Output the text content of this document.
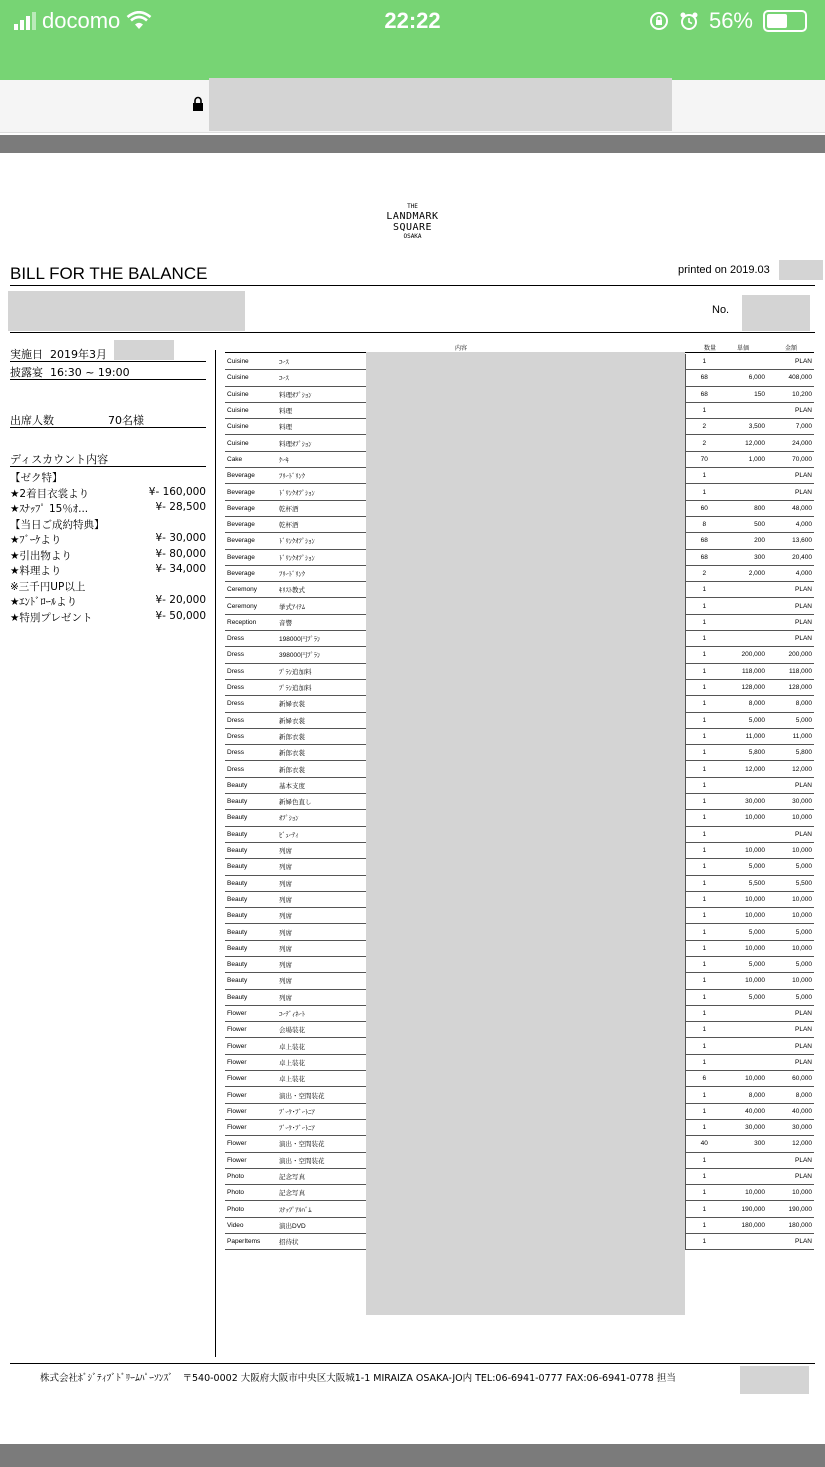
docomo	22:22	56%
THE
LANDMARK
SQUARE
OSAKA
BILL FOR THE BALANCE	printed on 2019.03
No.
実施日 2019年3月
披露宴 16:30 ~ 19:00
出席人数	70名様
ディスカウント内容
【ゼク特】
★2着目衣裳より	¥- 160,000
★ｽﾅｯﾌﾟ 15％ｵ...	¥- 28,500
【当日ご成約特典】
★ﾌﾞｰｹより	¥- 30,000
★引出物より	¥- 80,000
★料理より	¥- 34,000
※三千円UP以上
★ｴﾝﾄﾞﾛｰﾙより	¥- 20,000
★特別プレゼント	¥- 50,000
内容	数量	単価	金額
Cuisine	ｺｰｽ		1		PLAN
Cuisine	ｺｰｽ		68	6,000	408,000
Cuisine	料理ｵﾌﾟｼｮﾝ		68	150	10,200
Cuisine	料理		1		PLAN
Cuisine	料理		2	3,500	7,000
Cuisine	料理ｵﾌﾟｼｮﾝ		2	12,000	24,000
Cake	ｹｰｷ		70	1,000	70,000
Beverage	ﾌﾘｰﾄﾞﾘﾝｸ		1		PLAN
Beverage	ﾄﾞﾘﾝｸｵﾌﾟｼｮﾝ		1		PLAN
Beverage	乾杯酒		60	800	48,000
Beverage	乾杯酒		8	500	4,000
Beverage	ﾄﾞﾘﾝｸｵﾌﾟｼｮﾝ		68	200	13,600
Beverage	ﾄﾞﾘﾝｸｵﾌﾟｼｮﾝ		68	300	20,400
Beverage	ﾌﾘｰﾄﾞﾘﾝｸ		2	2,000	4,000
Ceremony	ｷﾘｽﾄ教式		1		PLAN
Ceremony	挙式ｱｲﾃﾑ		1		PLAN
Reception	音響		1		PLAN
Dress	198000円ﾌﾟﾗﾝ		1		PLAN
Dress	398000円ﾌﾟﾗﾝ		1	200,000	200,000
Dress	ﾌﾟﾗﾝ追加料		1	118,000	118,000
Dress	ﾌﾟﾗﾝ追加料		1	128,000	128,000
Dress	新婦衣裳		1	8,000	8,000
Dress	新婦衣裳		1	5,000	5,000
Dress	新郎衣裳		1	11,000	11,000
Dress	新郎衣裳		1	5,800	5,800
Dress	新郎衣裳		1	12,000	12,000
Beauty	基本支度		1		PLAN
Beauty	新婦色直し		1	30,000	30,000
Beauty	ｵﾌﾟｼｮﾝ		1	10,000	10,000
Beauty	ﾋﾞｭｰﾃｨ		1		PLAN
Beauty	列席		1	10,000	10,000
Beauty	列席		1	5,000	5,000
Beauty	列席		1	5,500	5,500
Beauty	列席		1	10,000	10,000
Beauty	列席		1	10,000	10,000
Beauty	列席		1	5,000	5,000
Beauty	列席		1	10,000	10,000
Beauty	列席		1	5,000	5,000
Beauty	列席		1	10,000	10,000
Beauty	列席		1	5,000	5,000
Flower	ｺｰﾃﾞｨﾈｰﾄ		1		PLAN
Flower	会場装花		1		PLAN
Flower	卓上装花		1		PLAN
Flower	卓上装花		1		PLAN
Flower	卓上装花		6	10,000	60,000
Flower	演出・空間装花		1	8,000	8,000
Flower	ﾌﾞｰｹ･ﾌﾞｰﾄﾆｱ		1	40,000	40,000
Flower	ﾌﾞｰｹ･ﾌﾞｰﾄﾆｱ		1	30,000	30,000
Flower	演出・空間装花		40	300	12,000
Flower	演出・空間装花		1		PLAN
Photo	記念写真		1		PLAN
Photo	記念写真		1	10,000	10,000
Photo	ｽﾅｯﾌﾟｱﾙﾊﾞﾑ		1	190,000	190,000
Video	演出DVD		1	180,000	180,000
PaperItems	招待状		1		PLAN
株式会社ﾎﾞｼﾞﾃｨﾌﾞﾄﾞﾘｰﾑﾊﾟｰｿﾝｽﾞ　〒540-0002 大阪府大阪市中央区大阪城1-1 MIRAIZA OSAKA-JO内 TEL:06-6941-0777 FAX:06-6941-0778 担当
